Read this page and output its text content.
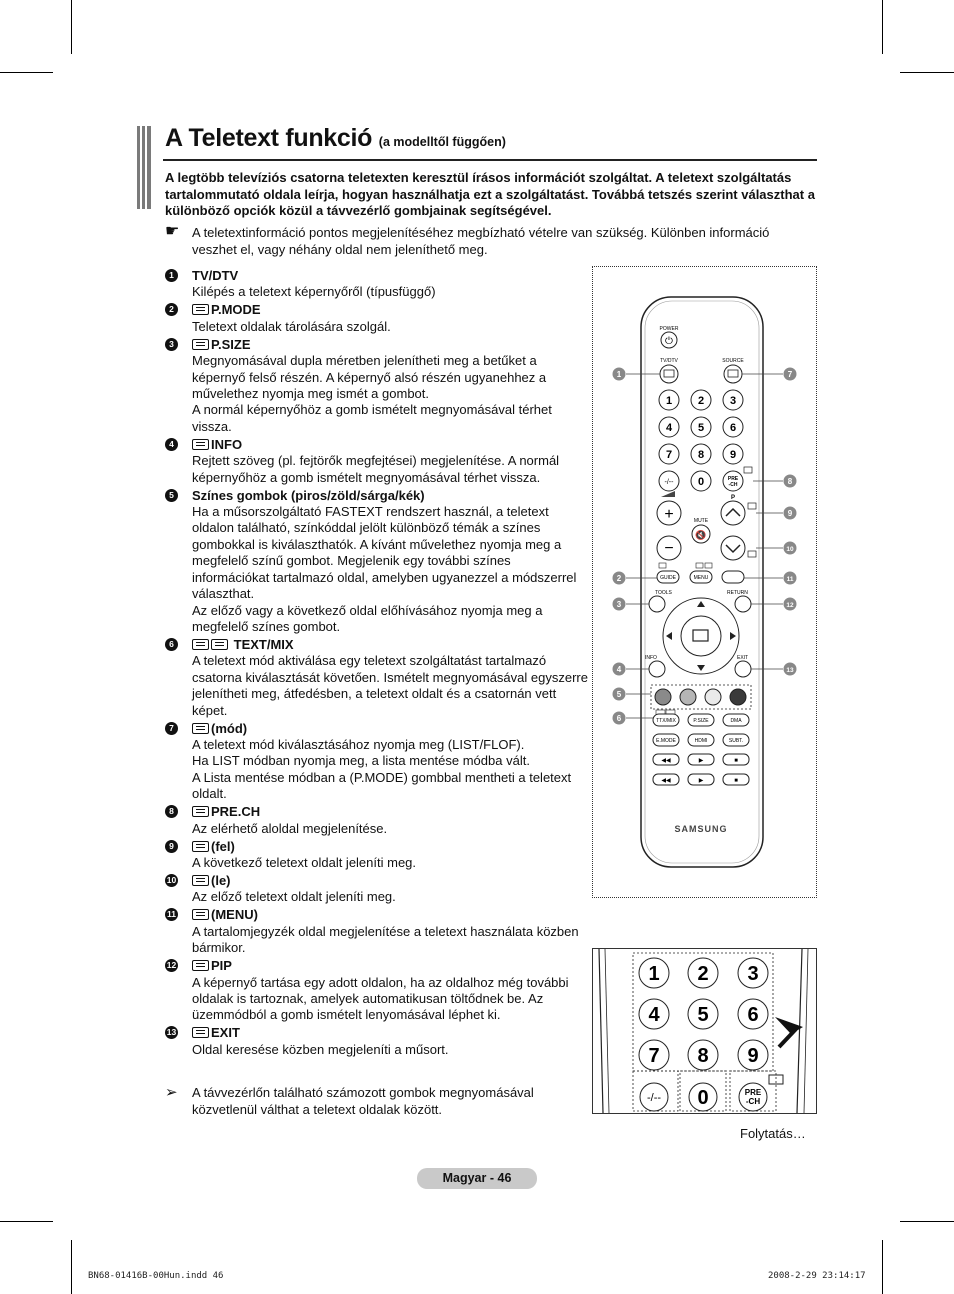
A Teletext funkció (a modelltől függően)
A legtöbb televíziós csatorna teletexten keresztül írásos információt szolgáltat. A teletext szolgáltatás tartalommutató oldala leírja, hogyan használhatja ezt a szolgáltatást. Továbbá tetszés szerint választhat a különböző opciók közül a távvezérlő gombjainak segítségével.
☛ A teletextinformáció pontos megjelenítéséhez megbízható vételre van szükség. Különben információ veszhet el, vagy néhány oldal nem jeleníthető meg.
1	TV/DTV
Kilépés a teletext képernyőről (típusfüggő)
2	P.MODE
Teletext oldalak tárolására szolgál.
3	P.SIZE
Megnyomásával dupla méretben jelenítheti meg a betűket a képernyő felső részén. A képernyő alsó részén ugyanehhez a művelethez nyomja meg ismét a gombot.
A normál képernyőhöz a gomb ismételt megnyomásával térhet vissza.
4	INFO
Rejtett szöveg (pl. fejtörők megfejtései) megjelenítése. A normál képernyőhöz a gomb ismételt megnyomásával térhet vissza.
5	Színes gombok (piros/zöld/sárga/kék)
Ha a műsorszolgáltató FASTEXT rendszert használ, a teletext oldalon található, színkóddal jelölt különböző témák a színes gombokkal is kiválaszthatók. A kívánt művelethez nyomja meg a megfelelő színű gombot. Megjelenik egy további színes információkat tartalmazó oldal, amelyben ugyanezzel a módszerrel választhat.
Az előző vagy a következő oldal előhívásához nyomja meg a megfelelő színes gombot.
6	TEXT/MIX
A teletext mód aktiválása egy teletext szolgáltatást tartalmazó csatorna kiválasztását követően. Ismételt megnyomásával egyszerre jelenítheti meg, átfedésben, a teletext oldalt és a csatornán vett képet.
7	(mód)
A teletext mód kiválasztásához nyomja meg (LIST/FLOF).
Ha LIST módban nyomja meg, a lista mentése módba vált.
A Lista mentése módban a (P.MODE) gombbal mentheti a teletext oldalt.
8	PRE.CH
Az elérhető aloldal megjelenítése.
9	(fel)
A következő teletext oldalt jeleníti meg.
10	(le)
Az előző teletext oldalt jeleníti meg.
11	(MENU)
A tartalomjegyzék oldal megjelenítése a teletext használata közben bármikor.
12	PIP
A képernyő tartása egy adott oldalon, ha az oldalhoz még további oldalak is tartoznak, amelyek automatikusan töltődnek be. Az üzemmódból a gomb ismételt lenyomásával léphet ki.
13	EXIT
Oldal keresése közben megjeleníti a műsort.
➢ A távvezérlőn található számozott gombok megnyomásával közvetlenül válthat a teletext oldalak között.
POWER
⏻
TV/DTV	SOURCE
1 2 3
4 5 6
7 8 9
-/-- 0	PRE
-CH
+	MUTE
P
🔇
−
GUIDE	MENU
TOOLS	RETURN
INFO	EXIT
TTX/MIX	P.SIZE	DMA
E.MODE	HDMI	SUBT.
◀◀	▶	■
◀◀	▶	■
SAMSUNG
1
2
3
4
5
6
7
8
9
10
11
12
13
1 2 3
4 5 6
7 8 9
-/-- 0	PRE
-CH
Folytatás…
Magyar - 46
BN68-01416B-00Hun.indd 46	2008-2-29 23:14:17
